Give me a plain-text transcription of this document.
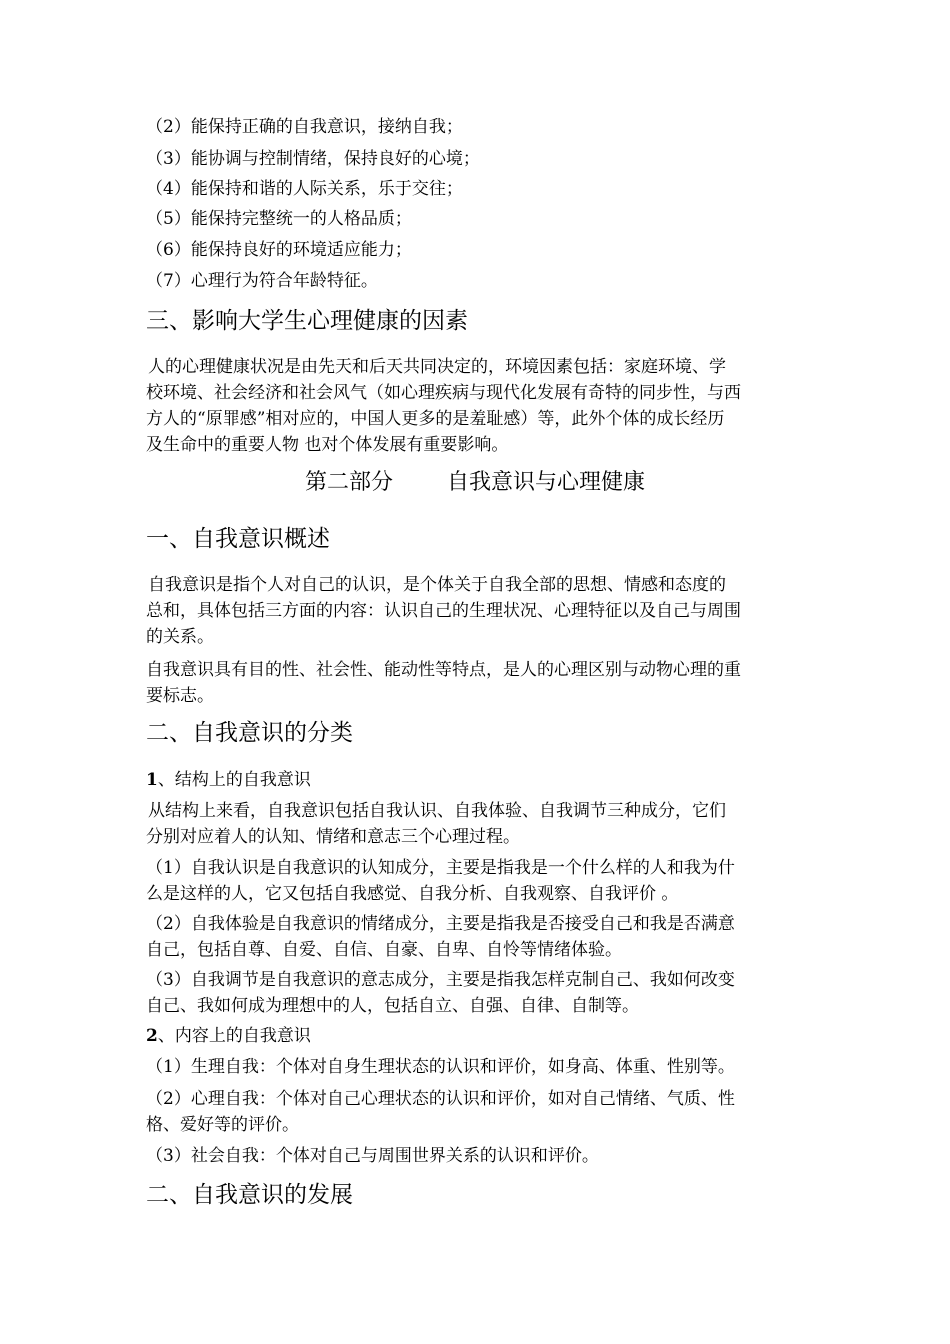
（2）能保持正确的自我意识，接纳自我；
（3）能协调与控制情绪，保持良好的心境；
（4）能保持和谐的人际关系，乐于交往；
（5）能保持完整统一的人格品质；
（6）能保持良好的环境适应能力；
（7）心理行为符合年龄特征。
三、影响大学生心理健康的因素
人的心理健康状况是由先天和后天共同决定的，环境因素包括：家庭环境、学
校环境、社会经济和社会风气（如心理疾病与现代化发展有奇特的同步性，与西
方人的“原罪感”相对应的，中国人更多的是羞耻感）等，此外个体的成长经历
及生命中的重要人物 也对个体发展有重要影响。
第二部分 自我意识与心理健康
一、自我意识概述
自我意识是指个人对自己的认识，是个体关于自我全部的思想、情感和态度的
总和，具体包括三方面的内容：认识自己的生理状况、心理特征以及自己与周围
的关系。
自我意识具有目的性、社会性、能动性等特点，是人的心理区别与动物心理的重
要标志。
二、自我意识的分类
1、结构上的自我意识
从结构上来看，自我意识包括自我认识、自我体验、自我调节三种成分，它们
分别对应着人的认知、情绪和意志三个心理过程。
（1）自我认识是自我意识的认知成分，主要是指我是一个什么样的人和我为什
么是这样的人，它又包括自我感觉、自我分析、自我观察、自我评价 。
（2）自我体验是自我意识的情绪成分，主要是指我是否接受自己和我是否满意
自己，包括自尊、自爱、自信、自豪、自卑、自怜等情绪体验。
（3）自我调节是自我意识的意志成分，主要是指我怎样克制自己、我如何改变
自己、我如何成为理想中的人，包括自立、自强、自律、自制等。
2、内容上的自我意识
（1）生理自我：个体对自身生理状态的认识和评价，如身高、体重、性别等。
（2）心理自我：个体对自己心理状态的认识和评价，如对自己情绪、气质、性
格、爱好等的评价。
（3）社会自我：个体对自己与周围世界关系的认识和评价。
二、自我意识的发展
